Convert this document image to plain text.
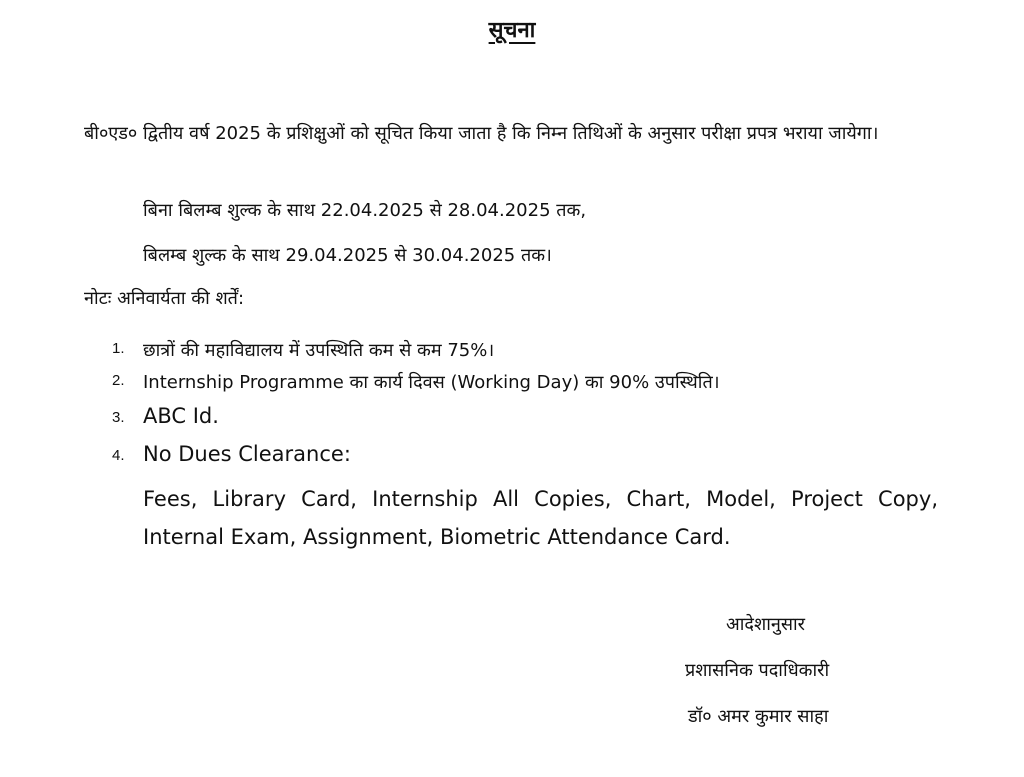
सूचना
बी०एड० द्वितीय वर्ष 2025 के प्रशिक्षुओं को सूचित किया जाता है कि निम्न तिथिओं के अनुसार परीक्षा प्रपत्र भराया जायेगा।
बिना बिलम्ब शुल्क के साथ 22.04.2025 से 28.04.2025 तक,
बिलम्ब शुल्क के साथ 29.04.2025 से 30.04.2025 तक।
नोटः अनिवार्यता की शर्तें:
1. छात्रों की महाविद्यालय में उपस्थिति कम से कम 75%।
2. Internship Programme का कार्य दिवस (Working Day) का 90% उपस्थिति।
3. ABC Id.
4. No Dues Clearance:
Fees, Library Card, Internship All Copies, Chart, Model, Project Copy, Internal Exam, Assignment, Biometric Attendance Card.
आदेशानुसार
प्रशासनिक पदाधिकारी
डॉ० अमर कुमार साहा
